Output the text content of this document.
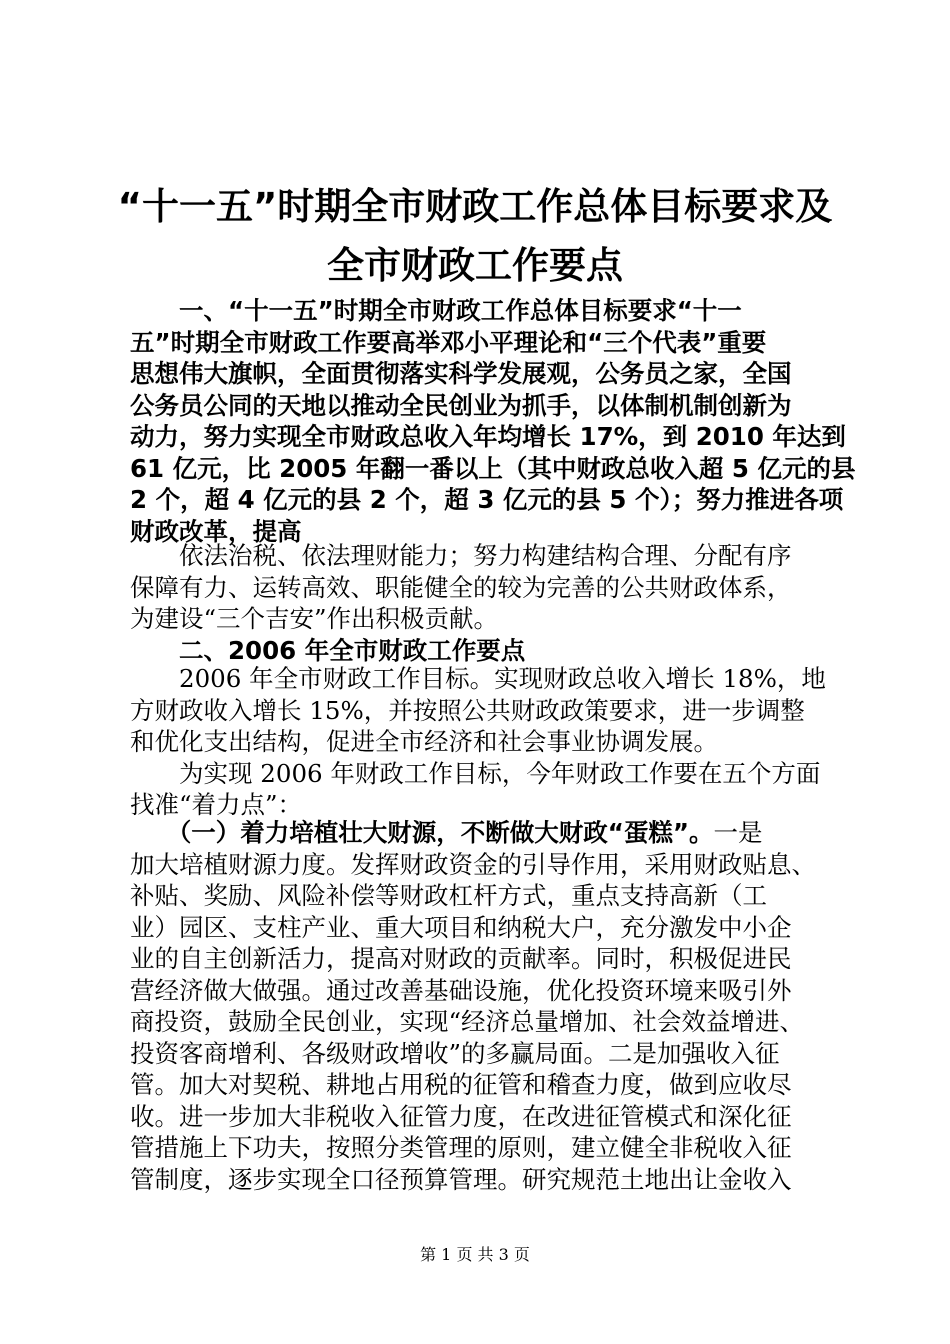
“十一五”时期全市财政工作总体目标要求及
全市财政工作要点
　　一、“十一五”时期全市财政工作总体目标要求“十一
五”时期全市财政工作要高举邓小平理论和“三个代表”重要
思想伟大旗帜，全面贯彻落实科学发展观，公务员之家，全国
公务员公同的天地以推动全民创业为抓手，以体制机制创新为
动力，努力实现全市财政总收入年均增长 17%，到 2010 年达到
61 亿元，比 2005 年翻一番以上（其中财政总收入超 5 亿元的县
2 个，超 4 亿元的县 2 个，超 3 亿元的县 5 个）；努力推进各项
财政改革，提高
　　依法治税、依法理财能力；努力构建结构合理、分配有序
保障有力、运转高效、职能健全的较为完善的公共财政体系，
为建设“三个吉安”作出积极贡献。
　　二、2006 年全市财政工作要点
　　2006 年全市财政工作目标。实现财政总收入增长 18%，地
方财政收入增长 15%，并按照公共财政政策要求，进一步调整
和优化支出结构，促进全市经济和社会事业协调发展。
　　为实现 2006 年财政工作目标，今年财政工作要在五个方面
找准“着力点”：
　　（一）着力培植壮大财源，不断做大财政“蛋糕”。一是
加大培植财源力度。发挥财政资金的引导作用，采用财政贴息、
补贴、奖励、风险补偿等财政杠杆方式，重点支持高新（工
业）园区、支柱产业、重大项目和纳税大户，充分激发中小企
业的自主创新活力，提高对财政的贡献率。同时，积极促进民
营经济做大做强。通过改善基础设施，优化投资环境来吸引外
商投资，鼓励全民创业，实现“经济总量增加、社会效益增进、
投资客商增利、各级财政增收”的多赢局面。二是加强收入征
管。加大对契税、耕地占用税的征管和稽查力度，做到应收尽
收。进一步加大非税收入征管力度，在改进征管模式和深化征
管措施上下功夫，按照分类管理的原则，建立健全非税收入征
管制度，逐步实现全口径预算管理。研究规范土地出让金收入
第 1 页 共 3 页
